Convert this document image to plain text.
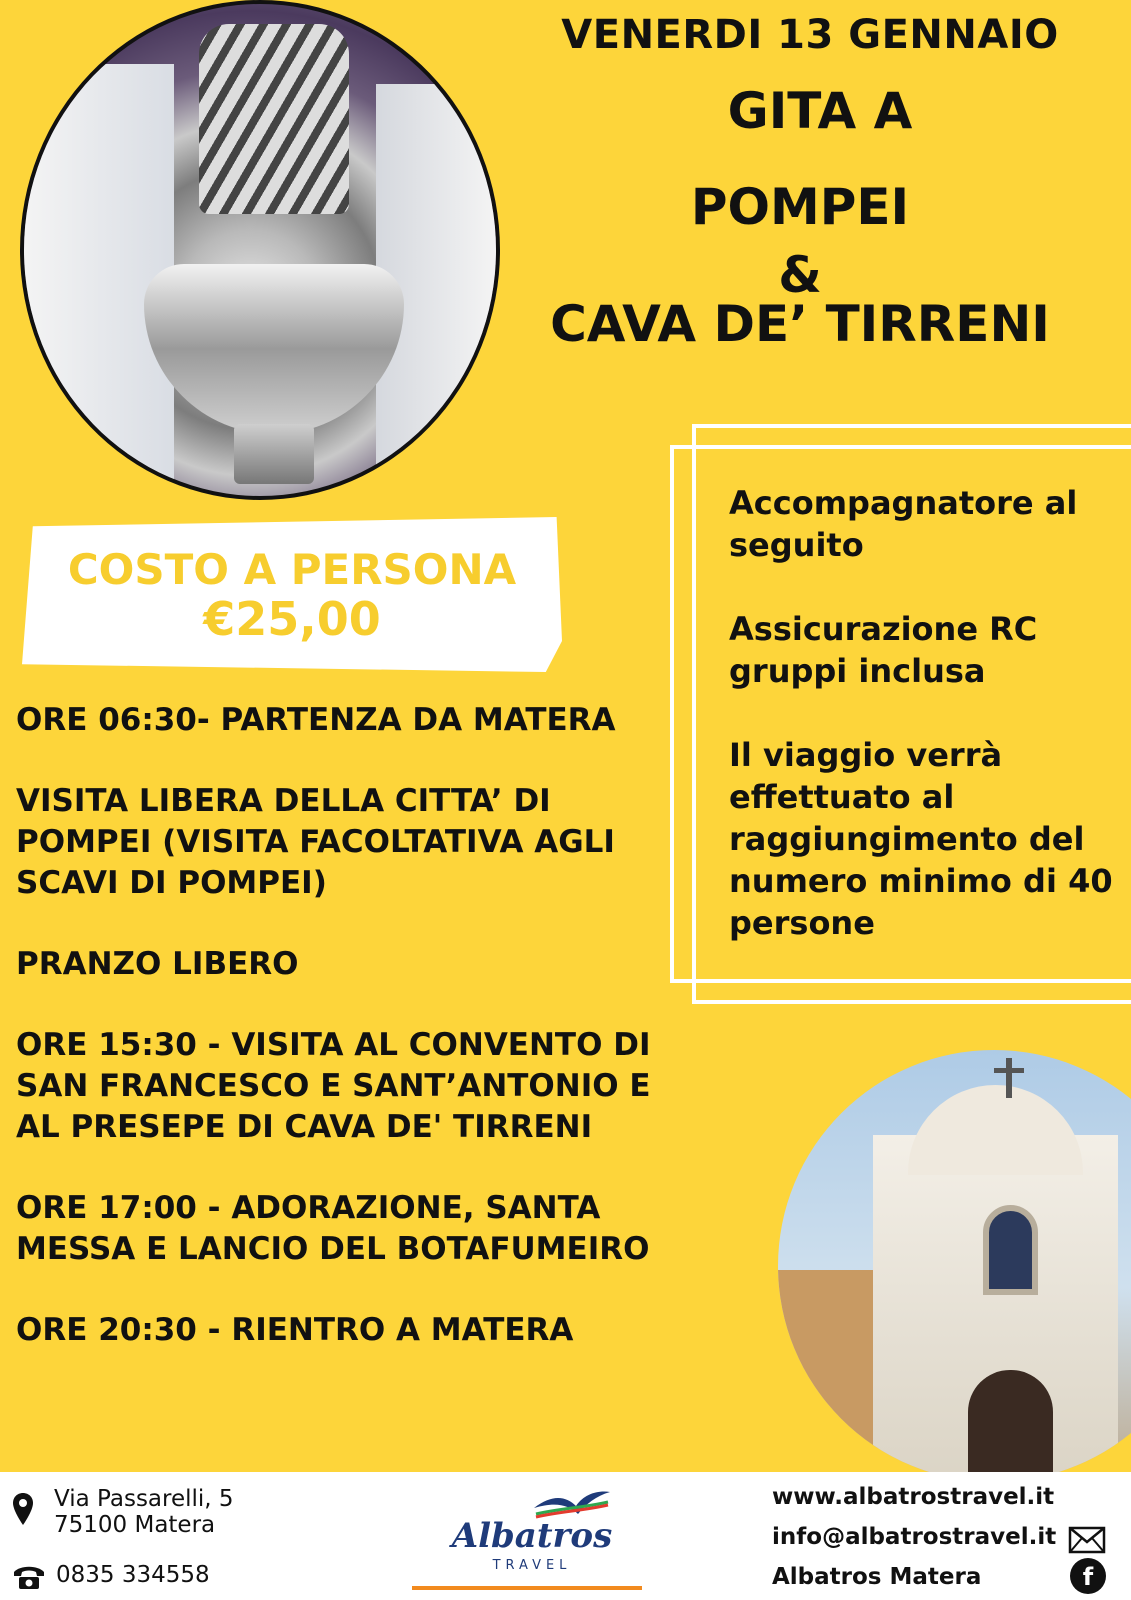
VENERDI 13 GENNAIO
GITA A
POMPEI
&
CAVA DE’ TIRRENI
COSTO A PERSONA
€25,00
Accompagnatore al seguito
Assicurazione RC gruppi inclusa
Il viaggio verrà effettuato al raggiungimento del numero minimo di 40 persone
ORE 06:30- PARTENZA DA MATERA
VISITA LIBERA DELLA CITTA’ DI POMPEI (VISITA FACOLTATIVA AGLI SCAVI DI POMPEI)
PRANZO LIBERO
ORE 15:30 - VISITA AL CONVENTO DI SAN FRANCESCO E SANT’ANTONIO E AL PRESEPE DI CAVA DE' TIRRENI
ORE 17:00 - ADORAZIONE, SANTA MESSA E LANCIO DEL BOTAFUMEIRO
ORE 20:30 - RIENTRO A MATERA
Via Passarelli, 5
75100 Matera
0835 334558
Albatros
TRAVEL
www.albatrostravel.it
info@albatrostravel.it
Albatros Matera	f
